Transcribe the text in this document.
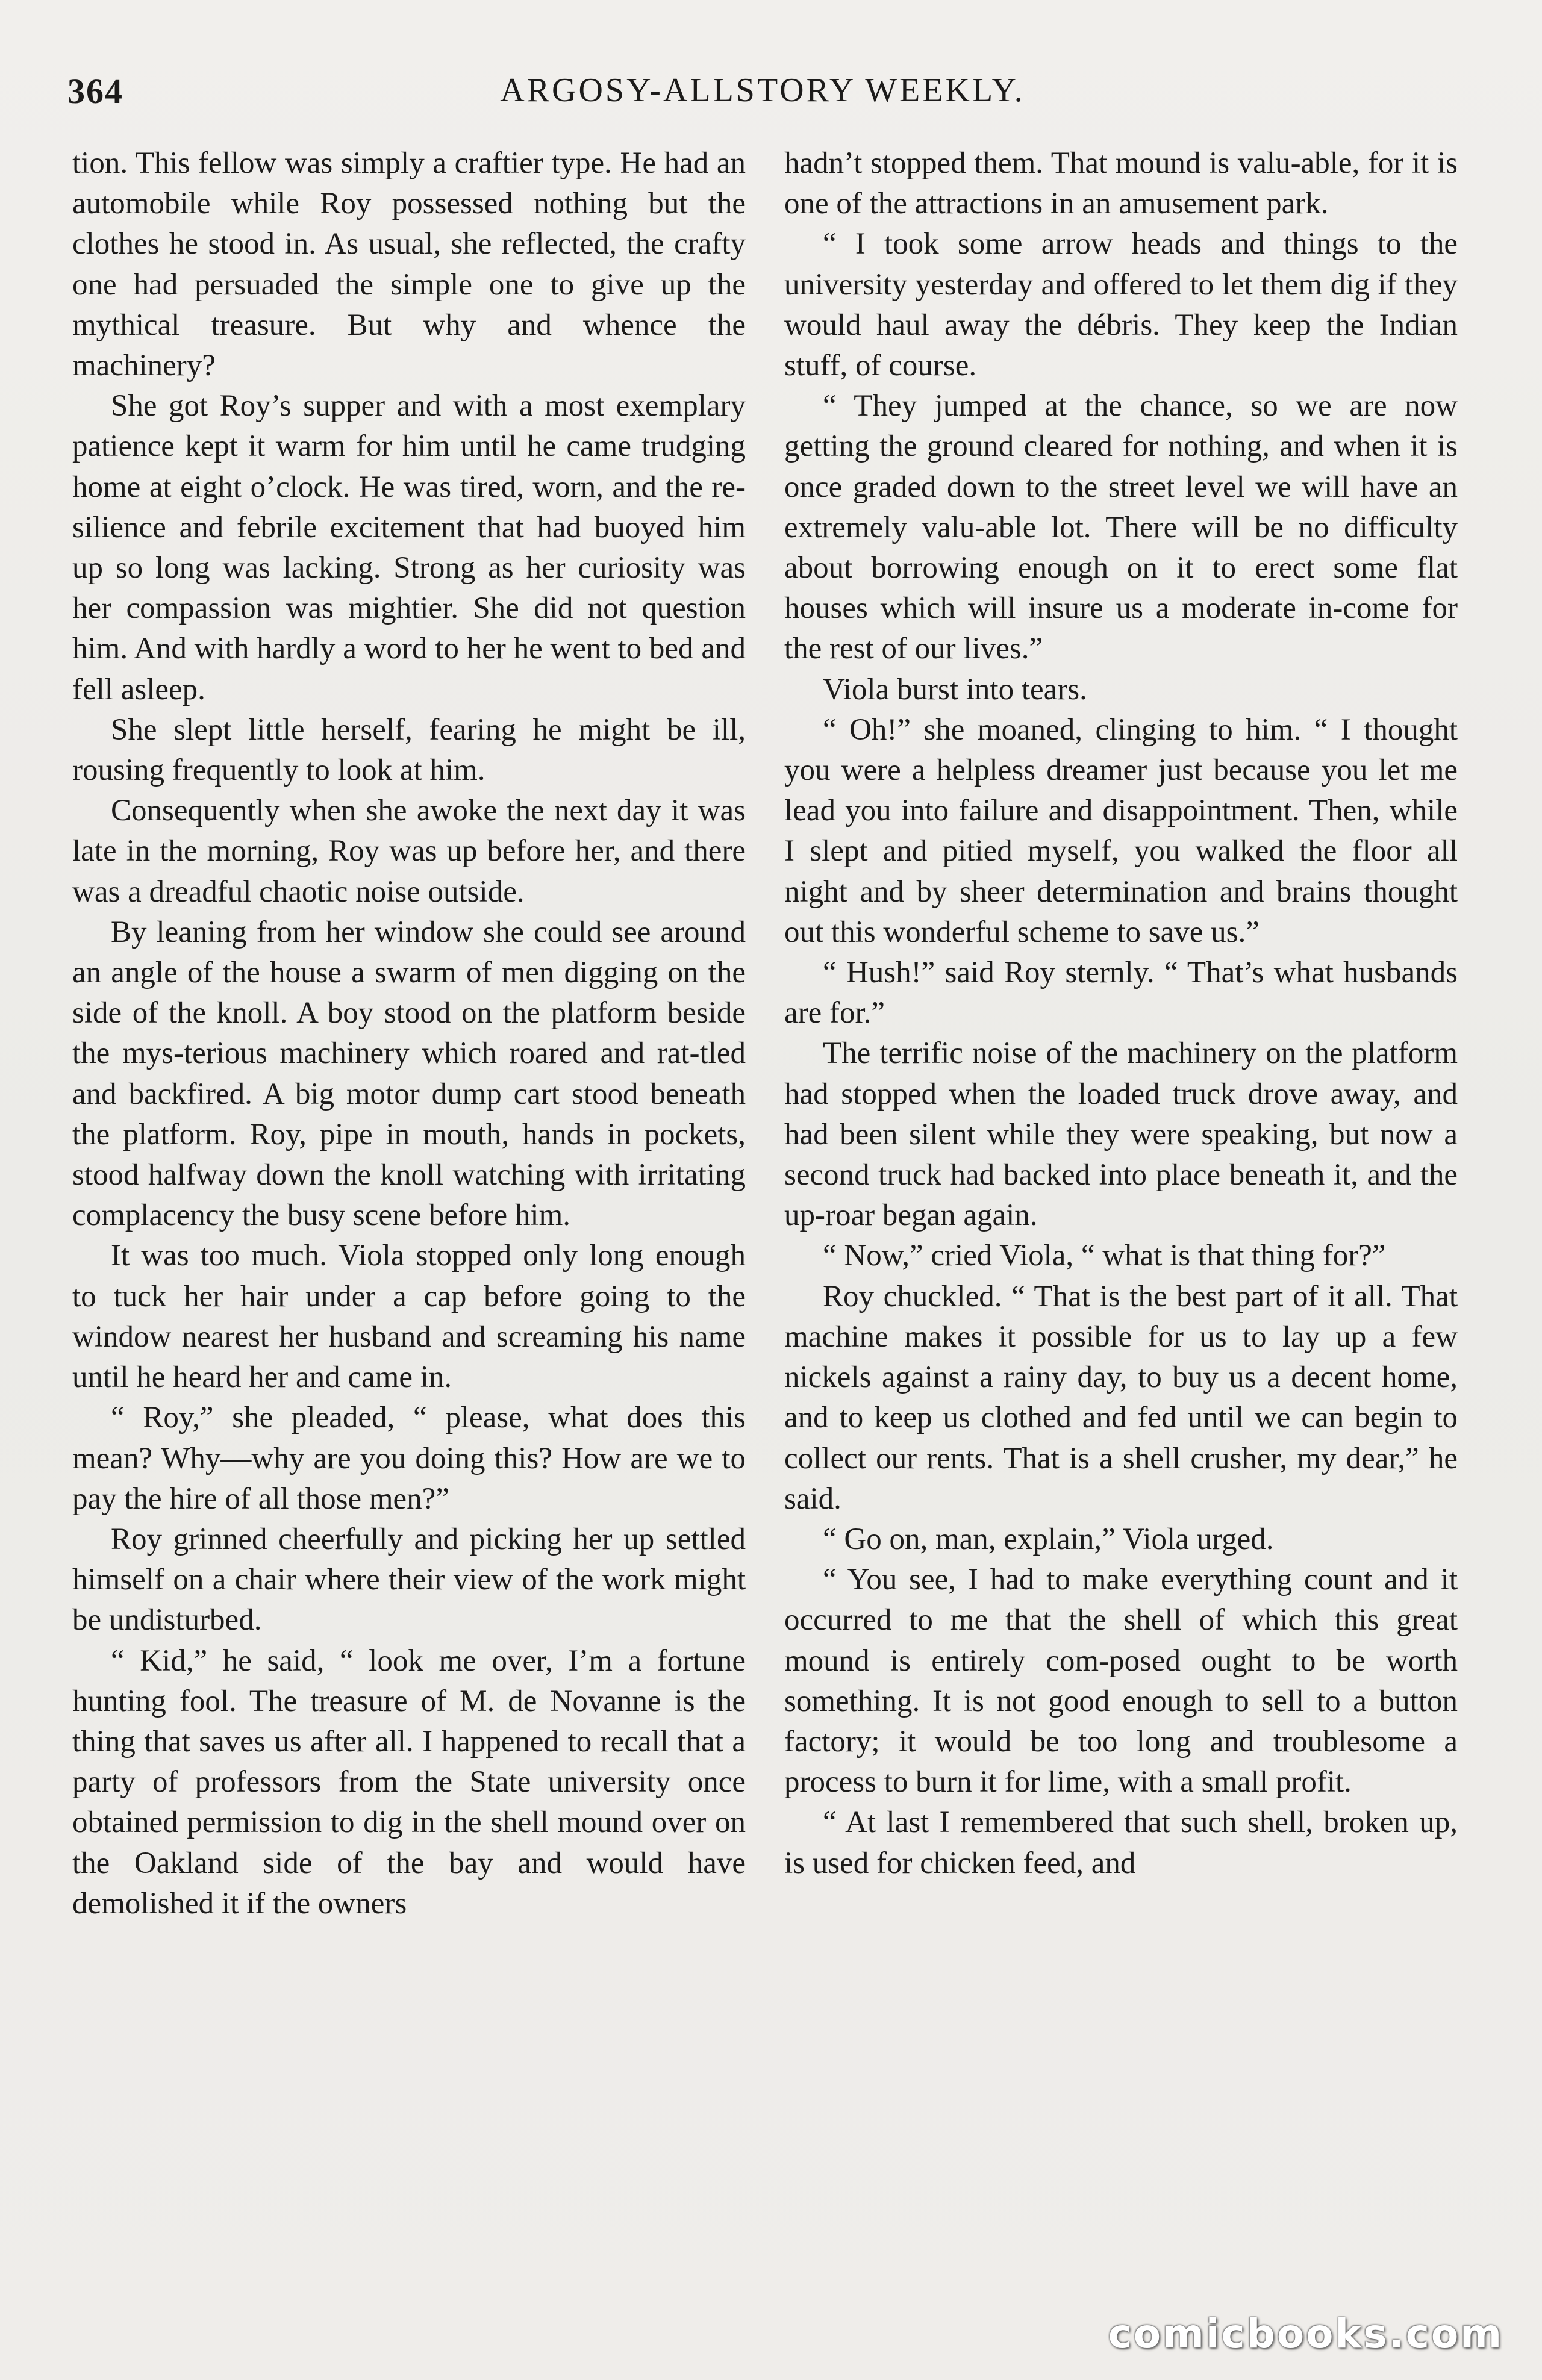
364	ARGOSY-ALLSTORY WEEKLY.

tion. This fellow was simply a craftier type. He had an automobile while Roy possessed nothing but the clothes he stood in. As usual, she reflected, the crafty one had persuaded the simple one to give up the mythical treasure. But why and whence the machinery?

She got Roy’s supper and with a most exemplary patience kept it warm for him until he came trudging home at eight o’clock. He was tired, worn, and the re-silience and febrile excitement that had buoyed him up so long was lacking. Strong as her curiosity was her compassion was mightier. She did not question him. And with hardly a word to her he went to bed and fell asleep.

She slept little herself, fearing he might be ill, rousing frequently to look at him.

Consequently when she awoke the next day it was late in the morning, Roy was up before her, and there was a dreadful chaotic noise outside.

By leaning from her window she could see around an angle of the house a swarm of men digging on the side of the knoll. A boy stood on the platform beside the mys-terious machinery which roared and rat-tled and backfired. A big motor dump cart stood beneath the platform. Roy, pipe in mouth, hands in pockets, stood halfway down the knoll watching with irritating complacency the busy scene before him.

It was too much. Viola stopped only long enough to tuck her hair under a cap before going to the window nearest her husband and screaming his name until he heard her and came in.

“ Roy,” she pleaded, “ please, what does this mean? Why—why are you doing this? How are we to pay the hire of all those men?”

Roy grinned cheerfully and picking her up settled himself on a chair where their view of the work might be undisturbed.

“ Kid,” he said, “ look me over, I’m a fortune hunting fool. The treasure of M. de Novanne is the thing that saves us after all. I happened to recall that a party of professors from the State university once obtained permission to dig in the shell mound over on the Oakland side of the bay and would have demolished it if the owners

hadn’t stopped them. That mound is valu-able, for it is one of the attractions in an amusement park.

“ I took some arrow heads and things to the university yesterday and offered to let them dig if they would haul away the débris. They keep the Indian stuff, of course.

“ They jumped at the chance, so we are now getting the ground cleared for nothing, and when it is once graded down to the street level we will have an extremely valu-able lot. There will be no difficulty about borrowing enough on it to erect some flat houses which will insure us a moderate in-come for the rest of our lives.”

Viola burst into tears.

“ Oh!” she moaned, clinging to him. “ I thought you were a helpless dreamer just because you let me lead you into failure and disappointment. Then, while I slept and pitied myself, you walked the floor all night and by sheer determination and brains thought out this wonderful scheme to save us.”

“ Hush!” said Roy sternly. “ That’s what husbands are for.”

The terrific noise of the machinery on the platform had stopped when the loaded truck drove away, and had been silent while they were speaking, but now a second truck had backed into place beneath it, and the up-roar began again.

“ Now,” cried Viola, “ what is that thing for?”

Roy chuckled. “ That is the best part of it all. That machine makes it possible for us to lay up a few nickels against a rainy day, to buy us a decent home, and to keep us clothed and fed until we can begin to collect our rents. That is a shell crusher, my dear,” he said.

“ Go on, man, explain,” Viola urged.

“ You see, I had to make everything count and it occurred to me that the shell of which this great mound is entirely com-posed ought to be worth something. It is not good enough to sell to a button factory; it would be too long and troublesome a process to burn it for lime, with a small profit.

“ At last I remembered that such shell, broken up, is used for chicken feed, and

comicbooks.com
